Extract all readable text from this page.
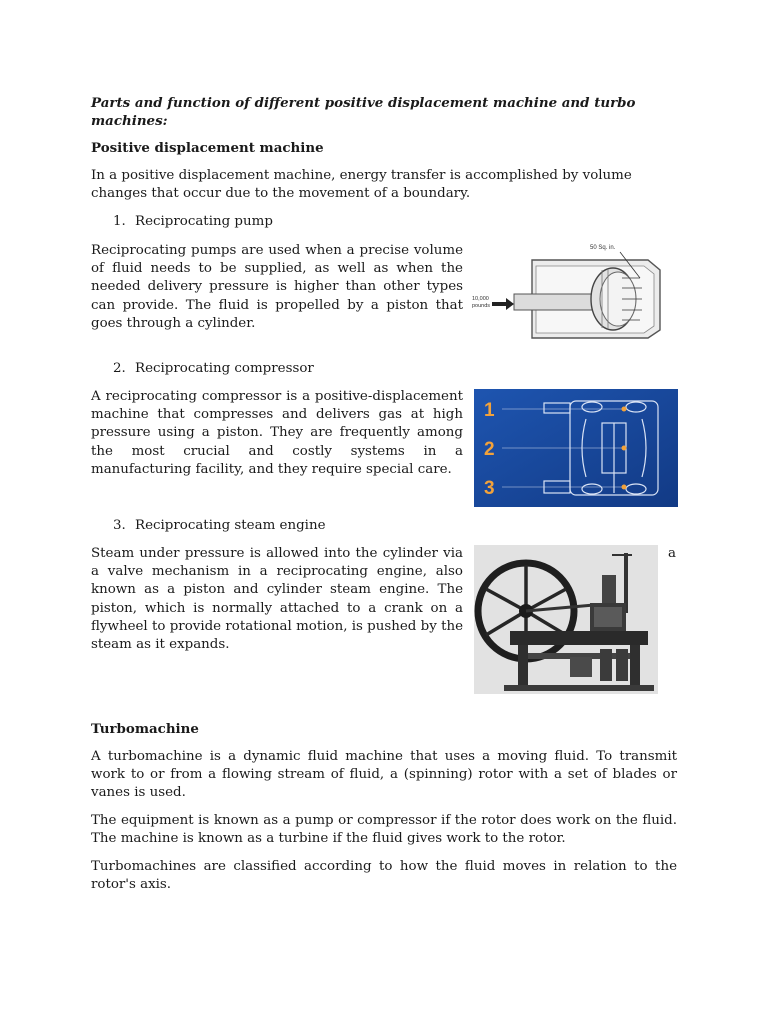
Parts and function of different positive displacement machine and turbo machines:

Positive displacement machine

In a positive displacement machine, energy transfer is accomplished by volume changes that occur due to the movement of a boundary.

1. Reciprocating pump

Reciprocating pumps are used when a precise volume of fluid needs to be supplied, as well as when the needed delivery pressure is higher than other types can provide. The fluid is propelled by a piston that goes through a cylinder.

50 Sq. in.
10,000
pounds

2. Reciprocating compressor

A reciprocating compressor is a positive-displacement machine that compresses and delivers gas at high pressure using a piston. They are frequently among the most crucial and costly systems in a manufacturing facility, and they require special care.

1
2
3

3. Reciprocating steam engine

Steam under pressure is allowed into the cylinder via a valve mechanism in a reciprocating engine, also known as a piston and cylinder steam engine. The piston, which is normally attached to a crank on a flywheel to provide rotational motion, is pushed by the steam as it expands.

a

Turbomachine

A turbomachine is a dynamic fluid machine that uses a moving fluid. To transmit work to or from a flowing stream of fluid, a (spinning) rotor with a set of blades or vanes is used.

The equipment is known as a pump or compressor if the rotor does work on the fluid. The machine is known as a turbine if the fluid gives work to the rotor.

Turbomachines are classified according to how the fluid moves in relation to the rotor's axis.
